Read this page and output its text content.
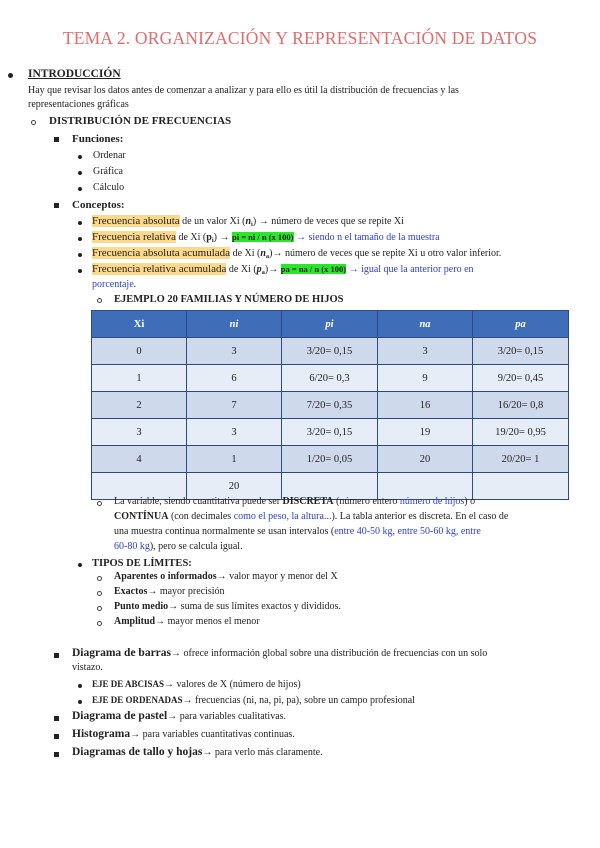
TEMA 2. ORGANIZACIÓN Y REPRESENTACIÓN DE DATOS
INTRODUCCIÓN
Hay que revisar los datos antes de comenzar a analizar y para ello es útil la distribución de frecuencias y las
representaciones gráficas
DISTRIBUCIÓN DE FRECUENCIAS
Funciones:
Ordenar
Gráfica
Cálculo
Conceptos:
Frecuencia absoluta de un valor Xi $(n_i)$ → número de veces que se repite Xi
Frecuencia relativa de Xi $(p_i)$ → pi = ni / n (x 100) → siendo n el tamaño de la muestra
Frecuencia absoluta acumulada de Xi $(n_a)\to$ número de veces que se repite Xi u otro valor inferior.
Frecuencia relativa acumulada de Xi $(p_a)\to$ pa = na / n (x 100) → igual que la anterior pero en
porcentaje.
EJEMPLO 20 FAMILIAS Y NÚMERO DE HIJOS
Xi	ni	pi	na	pa
0	3	3/20= 0,15	3	3/20= 0,15
1	6	6/20= 0,3	9	9/20= 0,45
2	7	7/20= 0,35	16	16/20= 0,8
3	3	3/20= 0,15	19	19/20= 0,95
4	1	1/20= 0,05	20	20/20= 1
	20			
La variable, siendo cuantitativa puede ser DISCRETA (número entero número de hijos) o
CONTÍNUA (con decimales como el peso, la altura...). La tabla anterior es discreta. En el caso de
una muestra continua normalmente se usan intervalos (entre 40-50 kg, entre 50-60 kg, entre
60-80 kg), pero se calcula igual.
TIPOS DE LÍMITES:
Aparentes o informados→ valor mayor y menor del X
Exactos→ mayor precisión
Punto medio→ suma de sus límites exactos y divididos.
Amplitud→ mayor menos el menor
Diagrama de barras→ ofrece información global sobre una distribución de frecuencias con un solo
vistazo.
EJE DE ABCISAS→ valores de X (número de hijos)
EJE DE ORDENADAS→ frecuencias (ni, na, pi, pa), sobre un campo profesional
Diagrama de pastel→ para variables cualitativas.
Histograma→ para variables cuantitativas continuas.
Diagramas de tallo y hojas→ para verlo más claramente.
